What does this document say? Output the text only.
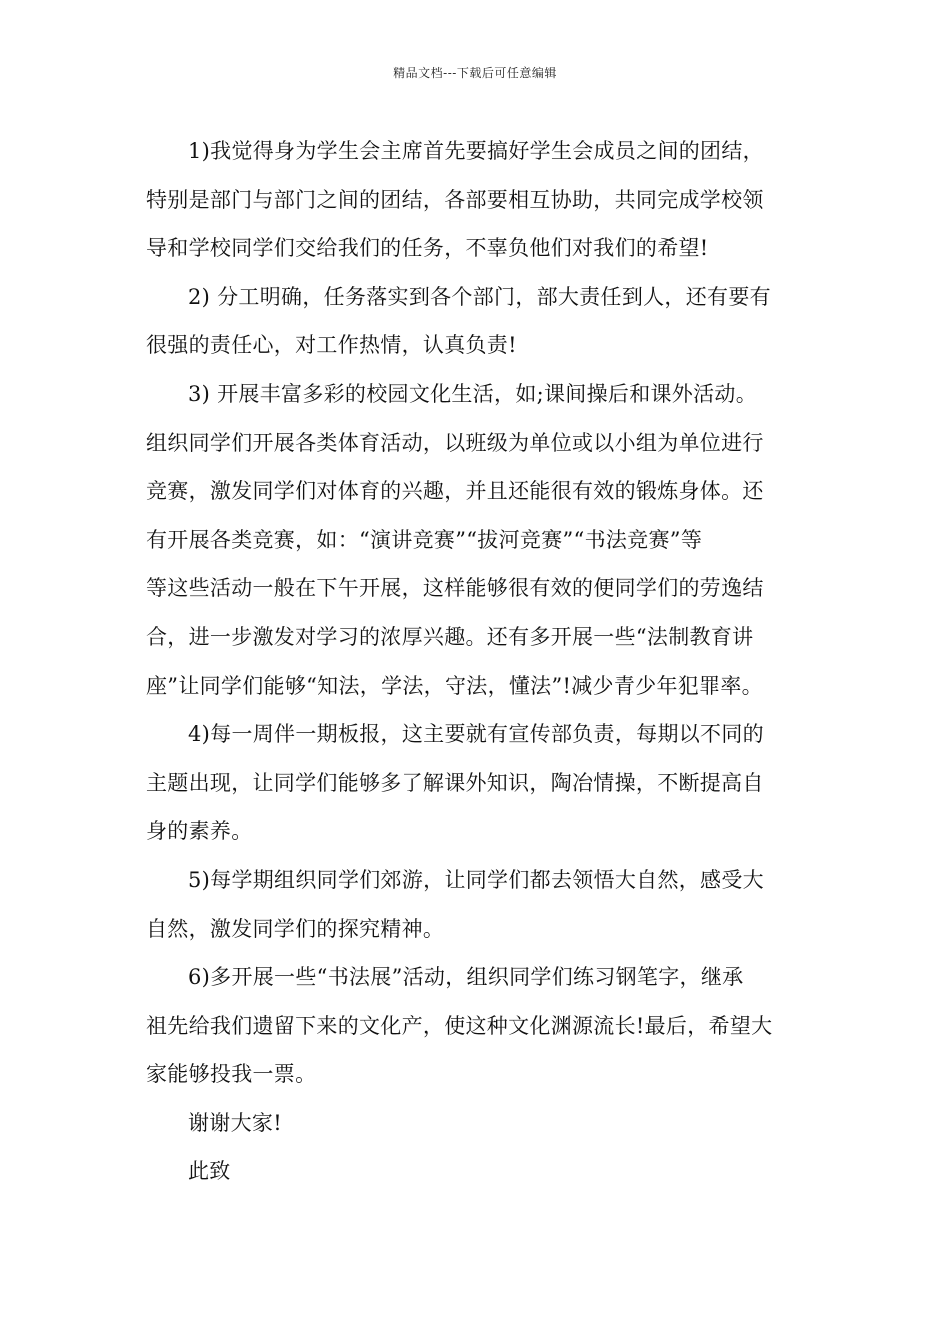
精品文档---下载后可任意编辑
1)我觉得身为学生会主席首先要搞好学生会成员之间的团结，
特别是部门与部门之间的团结，各部要相互协助，共同完成学校领
导和学校同学们交给我们的任务，不辜负他们对我们的希望!
2) 分工明确，任务落实到各个部门，部大责任到人，还有要有
很强的责任心，对工作热情，认真负责!
3) 开展丰富多彩的校园文化生活，如;课间操后和课外活动。
组织同学们开展各类体育活动，以班级为单位或以小组为单位进行
竞赛，激发同学们对体育的兴趣，并且还能很有效的锻炼身体。还
有开展各类竞赛，如：“演讲竞赛”“拔河竞赛”“书法竞赛”等
等这些活动一般在下午开展，这样能够很有效的便同学们的劳逸结
合，进一步激发对学习的浓厚兴趣。还有多开展一些“法制教育讲
座”让同学们能够“知法，学法，守法，懂法”!减少青少年犯罪率。
4)每一周伴一期板报，这主要就有宣传部负责，每期以不同的
主题出现，让同学们能够多了解课外知识，陶冶情操，不断提高自
身的素养。
5)每学期组织同学们郊游，让同学们都去领悟大自然，感受大
自然，激发同学们的探究精神。
6)多开展一些“书法展”活动，组织同学们练习钢笔字，继承
祖先给我们遗留下来的文化产，使这种文化渊源流长!最后，希望大
家能够投我一票。
谢谢大家!
此致
